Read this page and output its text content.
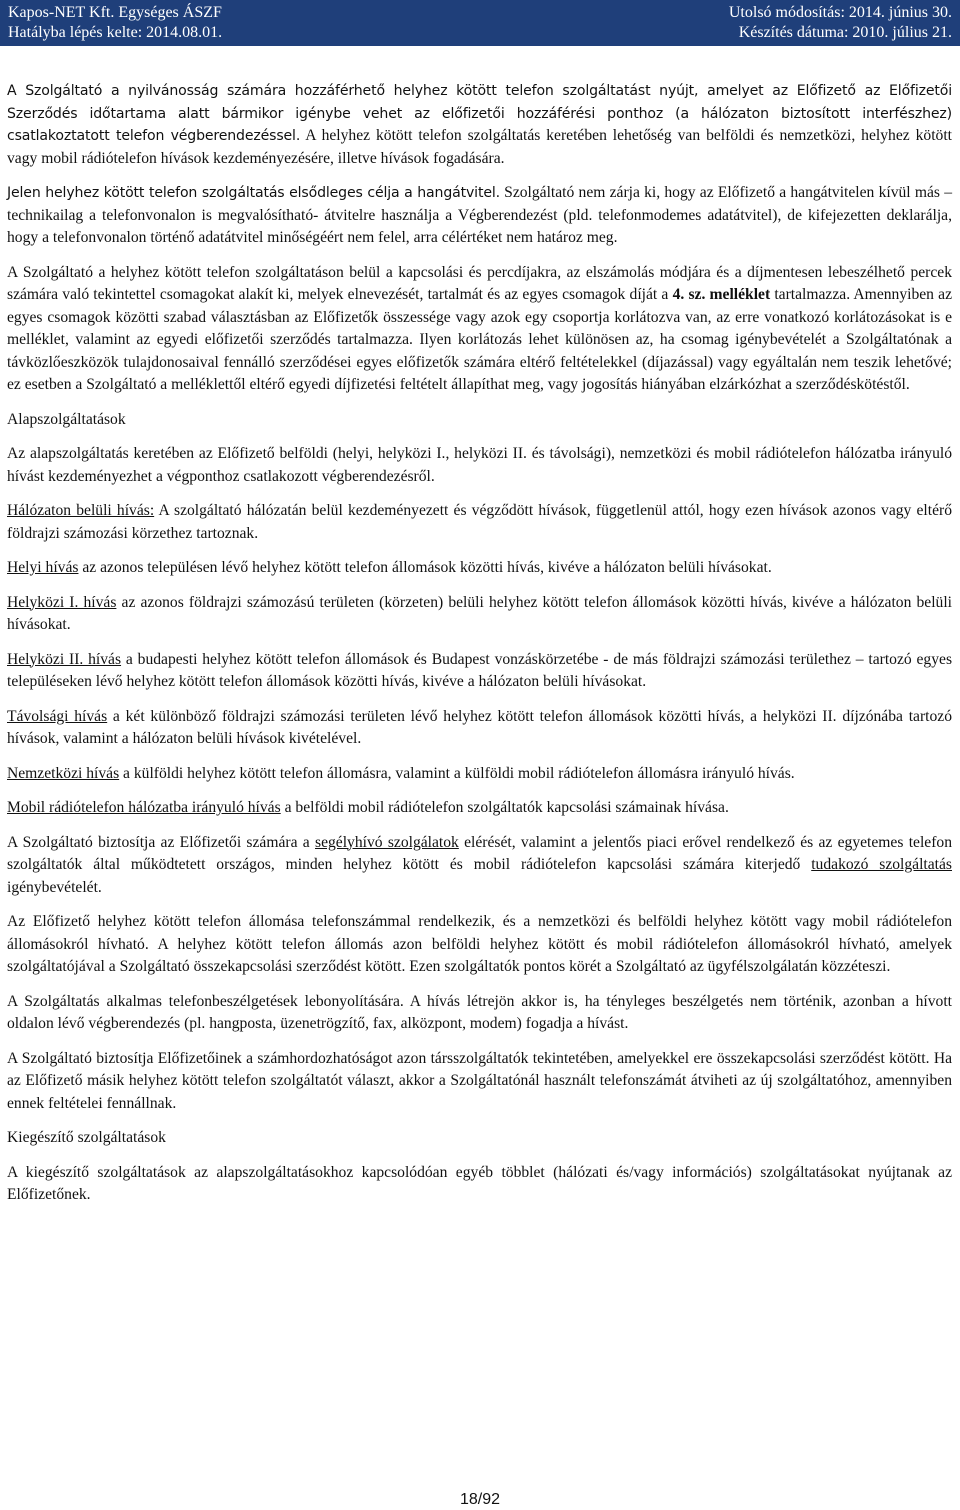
Kapos-NET Kft. Egységes ÁSZF	Utolsó módosítás: 2014. június 30.
Hatályba lépés kelte: 2014.08.01.	Készítés dátuma: 2010. július 21.

A Szolgáltató a nyilvánosság számára hozzáférhető helyhez kötött telefon szolgáltatást nyújt, amelyet az Előfizető az Előfizetői Szerződés időtartama alatt bármikor igénybe vehet az előfizetői hozzáférési ponthoz (a hálózaton biztosított interfészhez) csatlakoztatott telefon végberendezéssel. A helyhez kötött telefon szolgáltatás keretében lehetőség van belföldi és nemzetközi, helyhez kötött vagy mobil rádiótelefon hívások kezdeményezésére, illetve hívások fogadására.

Jelen helyhez kötött telefon szolgáltatás elsődleges célja a hangátvitel. Szolgáltató nem zárja ki, hogy az Előfizető a hangátvitelen kívül más – technikailag a telefonvonalon is megvalósítható- átvitelre használja a Végberendezést (pld. telefonmodemes adatátvitel), de kifejezetten deklarálja, hogy a telefonvonalon történő adatátvitel minőségéért nem felel, arra célértéket nem határoz meg.

A Szolgáltató a helyhez kötött telefon szolgáltatáson belül a kapcsolási és percdíjakra, az elszámolás módjára és a díjmentesen lebeszélhető percek számára való tekintettel csomagokat alakít ki, melyek elnevezését, tartalmát és az egyes csomagok díját a 4. sz. melléklet tartalmazza. Amennyiben az egyes csomagok közötti szabad választásban az Előfizetők összessége vagy azok egy csoportja korlátozva van, az erre vonatkozó korlátozásokat is e melléklet, valamint az egyedi előfizetői szerződés tartalmazza. Ilyen korlátozás lehet különösen az, ha csomag igénybevételét a Szolgáltatónak a távközlőeszközök tulajdonosaival fennálló szerződései egyes előfizetők számára eltérő feltételekkel (díjazással) vagy egyáltalán nem teszik lehetővé; ez esetben a Szolgáltató a melléklettől eltérő egyedi díjfizetési feltételt állapíthat meg, vagy jogosítás hiányában elzárkózhat a szerződéskötéstől.

Alapszolgáltatások

Az alapszolgáltatás keretében az Előfizető belföldi (helyi, helyközi I., helyközi II. és távolsági), nemzetközi és mobil rádiótelefon hálózatba irányuló hívást kezdeményezhet a végponthoz csatlakozott végberendezésről.

Hálózaton belüli hívás: A szolgáltató hálózatán belül kezdeményezett és végződött hívások, függetlenül attól, hogy ezen hívások azonos vagy eltérő földrajzi számozási körzethez tartoznak.

Helyi hívás az azonos településen lévő helyhez kötött telefon állomások közötti hívás, kivéve a hálózaton belüli hívásokat.

Helyközi I. hívás az azonos földrajzi számozású területen (körzeten) belüli helyhez kötött telefon állomások közötti hívás, kivéve a hálózaton belüli hívásokat.

Helyközi II. hívás a budapesti helyhez kötött telefon állomások és Budapest vonzáskörzetébe - de más földrajzi számozási területhez – tartozó egyes településeken lévő helyhez kötött telefon állomások közötti hívás, kivéve a hálózaton belüli hívásokat.

Távolsági hívás a két különböző földrajzi számozási területen lévő helyhez kötött telefon állomások közötti hívás, a helyközi II. díjzónába tartozó hívások, valamint a hálózaton belüli hívások kivételével.

Nemzetközi hívás a külföldi helyhez kötött telefon állomásra, valamint a külföldi mobil rádiótelefon állomásra irányuló hívás.

Mobil rádiótelefon hálózatba irányuló hívás a belföldi mobil rádiótelefon szolgáltatók kapcsolási számainak hívása.

A Szolgáltató biztosítja az Előfizetői számára a segélyhívó szolgálatok elérését, valamint a jelentős piaci erővel rendelkező és az egyetemes telefon szolgáltatók által működtetett országos, minden helyhez kötött és mobil rádiótelefon kapcsolási számára kiterjedő tudakozó szolgáltatás igénybevételét.

Az Előfizető helyhez kötött telefon állomása telefonszámmal rendelkezik, és a nemzetközi és belföldi helyhez kötött vagy mobil rádiótelefon állomásokról hívható. A helyhez kötött telefon állomás azon belföldi helyhez kötött és mobil rádiótelefon állomásokról hívható, amelyek szolgáltatójával a Szolgáltató összekapcsolási szerződést kötött. Ezen szolgáltatók pontos körét a Szolgáltató az ügyfélszolgálatán közzéteszi.

A Szolgáltatás alkalmas telefonbeszélgetések lebonyolítására. A hívás létrejön akkor is, ha tényleges beszélgetés nem történik, azonban a hívott oldalon lévő végberendezés (pl. hangposta, üzenetrögzítő, fax, alközpont, modem) fogadja a hívást.

A Szolgáltató biztosítja Előfizetőinek a számhordozhatóságot azon társszolgáltatók tekintetében, amelyekkel ere összekapcsolási szerződést kötött. Ha az Előfizető másik helyhez kötött telefon szolgáltatót választ, akkor a Szolgáltatónál használt telefonszámát átviheti az új szolgáltatóhoz, amennyiben ennek feltételei fennállnak.

Kiegészítő szolgáltatások

A kiegészítő szolgáltatások az alapszolgáltatásokhoz kapcsolódóan egyéb többlet (hálózati és/vagy információs) szolgáltatásokat nyújtanak az Előfizetőnek.

18/92
